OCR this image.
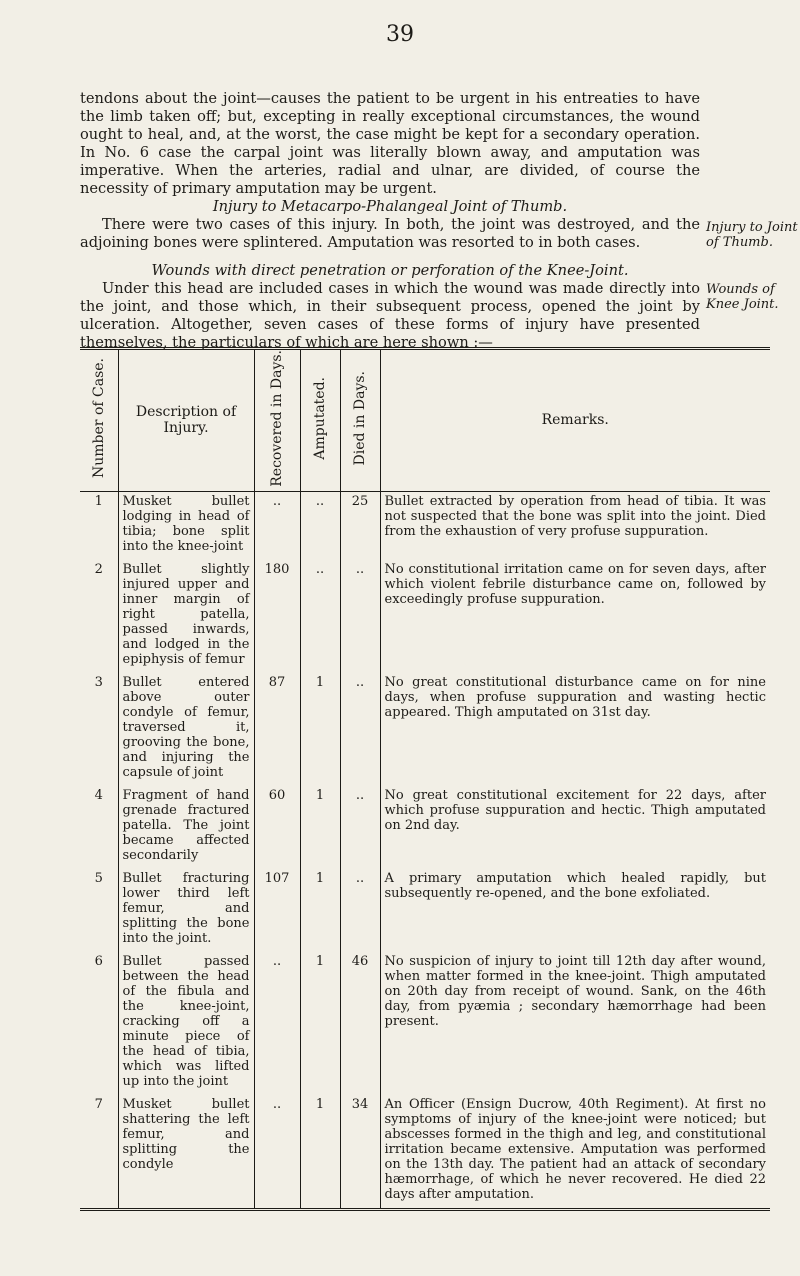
39

tendons about the joint—causes the patient to be urgent in his entreaties to have the limb taken off; but, excepting in really exceptional circumstances, the wound ought to heal, and, at the worst, the case might be kept for a secondary operation. In No. 6 case the carpal joint was literally blown away, and amputation was imperative. When the arteries, radial and ulnar, are divided, of course the necessity of primary amputation may be urgent.

Injury to Metacarpo-Phalangeal Joint of Thumb.

There were two cases of this injury. In both, the joint was destroyed, and the adjoining bones were splintered. Amputation was resorted to in both cases.

Injury to Joint of Thumb.

Wounds with direct penetration or perforation of the Knee-Joint.

Under this head are included cases in which the wound was made directly into the joint, and those which, in their subsequent process, opened the joint by ulceration. Altogether, seven cases of these forms of injury have presented themselves, the particulars of which are here shown :—

Wounds of Knee Joint.
Number of Case.	Description of Injury.	Recovered in Days.	Amputated.	Died in Days.	Remarks.
1	Musket bullet lodging in head of tibia; bone split into the knee-joint	..	..	25	Bullet extracted by operation from head of tibia. It was not suspected that the bone was split into the joint. Died from the exhaustion of very profuse suppuration.
2	Bullet slightly injured upper and inner margin of right patella, passed inwards, and lodged in the epiphysis of femur	180	..	..	No constitutional irritation came on for seven days, after which violent febrile disturbance came on, followed by exceedingly profuse suppuration.
3	Bullet entered above outer condyle of femur, traversed it, grooving the bone, and injuring the capsule of joint	87	1	..	No great constitutional disturbance came on for nine days, when profuse suppuration and wasting hectic appeared. Thigh amputated on 31st day.
4	Fragment of hand grenade fractured patella. The joint became affected secondarily	60	1	..	No great constitutional excitement for 22 days, after which profuse suppuration and hectic. Thigh amputated on 2nd day.
5	Bullet fracturing lower third left femur, and splitting the bone into the joint.	107	1	..	A primary amputation which healed rapidly, but subsequently re-opened, and the bone exfoliated.
6	Bullet passed between the head of the fibula and the knee-joint, cracking off a minute piece of the head of tibia, which was lifted up into the joint	..	1	46	No suspicion of injury to joint till 12th day after wound, when matter formed in the knee-joint. Thigh amputated on 20th day from receipt of wound. Sank, on the 46th day, from pyæmia ; secondary hæmorrhage had been present.
7	Musket bullet shattering the left femur, and splitting the condyle	..	1	34	An Officer (Ensign Ducrow, 40th Regiment). At first no symptoms of injury of the knee-joint were noticed; but abscesses formed in the thigh and leg, and constitutional irritation became extensive. Amputation was performed on the 13th day. The patient had an attack of secondary hæmorrhage, of which he never recovered. He died 22 days after amputation.
